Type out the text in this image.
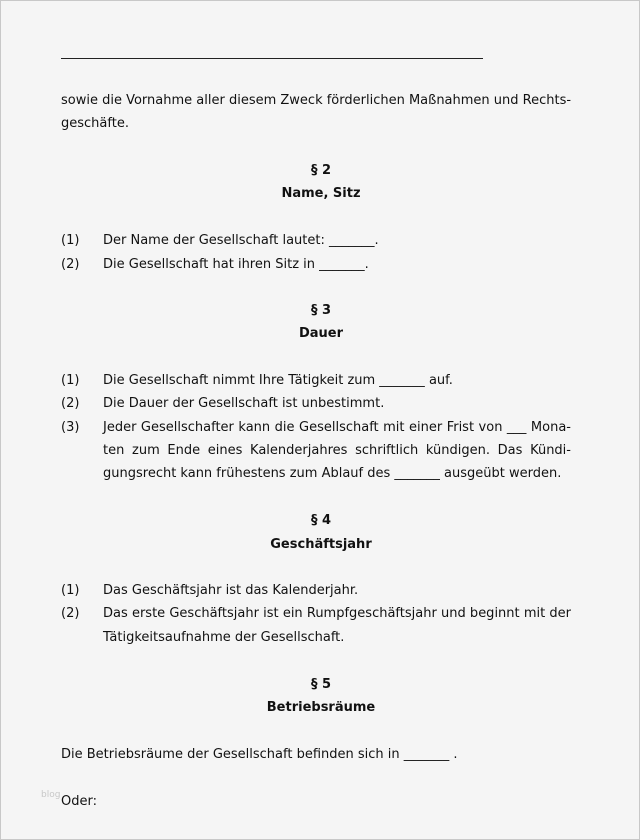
sowie die Vornahme aller diesem Zweck förderlichen Maßnahmen und Rechts-
geschäfte.
§ 2
Name, Sitz
(1) Der Name der Gesellschaft lautet: _______.
(2) Die Gesellschaft hat ihren Sitz in _______.
§ 3
Dauer
(1) Die Gesellschaft nimmt Ihre Tätigkeit zum _______ auf.
(2) Die Dauer der Gesellschaft ist unbestimmt.
(3) Jeder Gesellschafter kann die Gesellschaft mit einer Frist von ___ Mona-
ten zum Ende eines Kalenderjahres schriftlich kündigen. Das Kündi-
gungsrecht kann frühestens zum Ablauf des _______ ausgeübt werden.
§ 4
Geschäftsjahr
(1) Das Geschäftsjahr ist das Kalenderjahr.
(2) Das erste Geschäftsjahr ist ein Rumpfgeschäftsjahr und beginnt mit der
Tätigkeitsaufnahme der Gesellschaft.
§ 5
Betriebsräume
Die Betriebsräume der Gesellschaft befinden sich in _______ .
blog Oder:
